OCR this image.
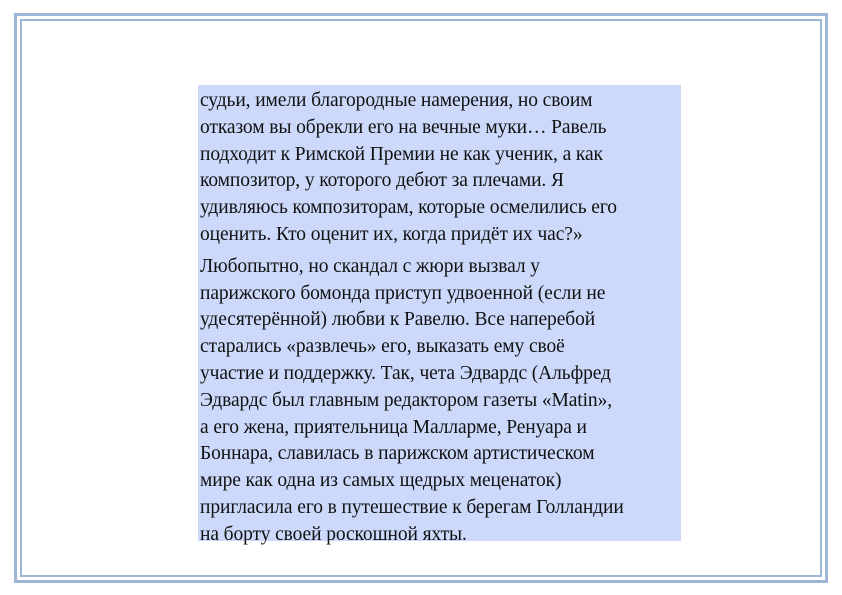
судьи, имели благородные намерения, но своим
отказом вы обрекли его на вечные муки… Равель
подходит к Римской Премии не как ученик, а как
композитор, у которого дебют за плечами. Я
удивляюсь композиторам, которые осмелились его
оценить. Кто оценит их, когда придёт их час?»

Любопытно, но скандал с жюри вызвал у
парижского бомонда приступ удвоенной (если не
удесятерённой) любви к Равелю. Все наперебой
старались «развлечь» его, выказать ему своё
участие и поддержку. Так, чета Эдвардс (Альфред
Эдвардс был главным редактором газеты «Matin»,
а его жена, приятельница Малларме, Ренуара и
Боннара, славилась в парижском артистическом
мире как одна из самых щедрых меценаток)
пригласила его в путешествие к берегам Голландии
на борту своей роскошной яхты.
